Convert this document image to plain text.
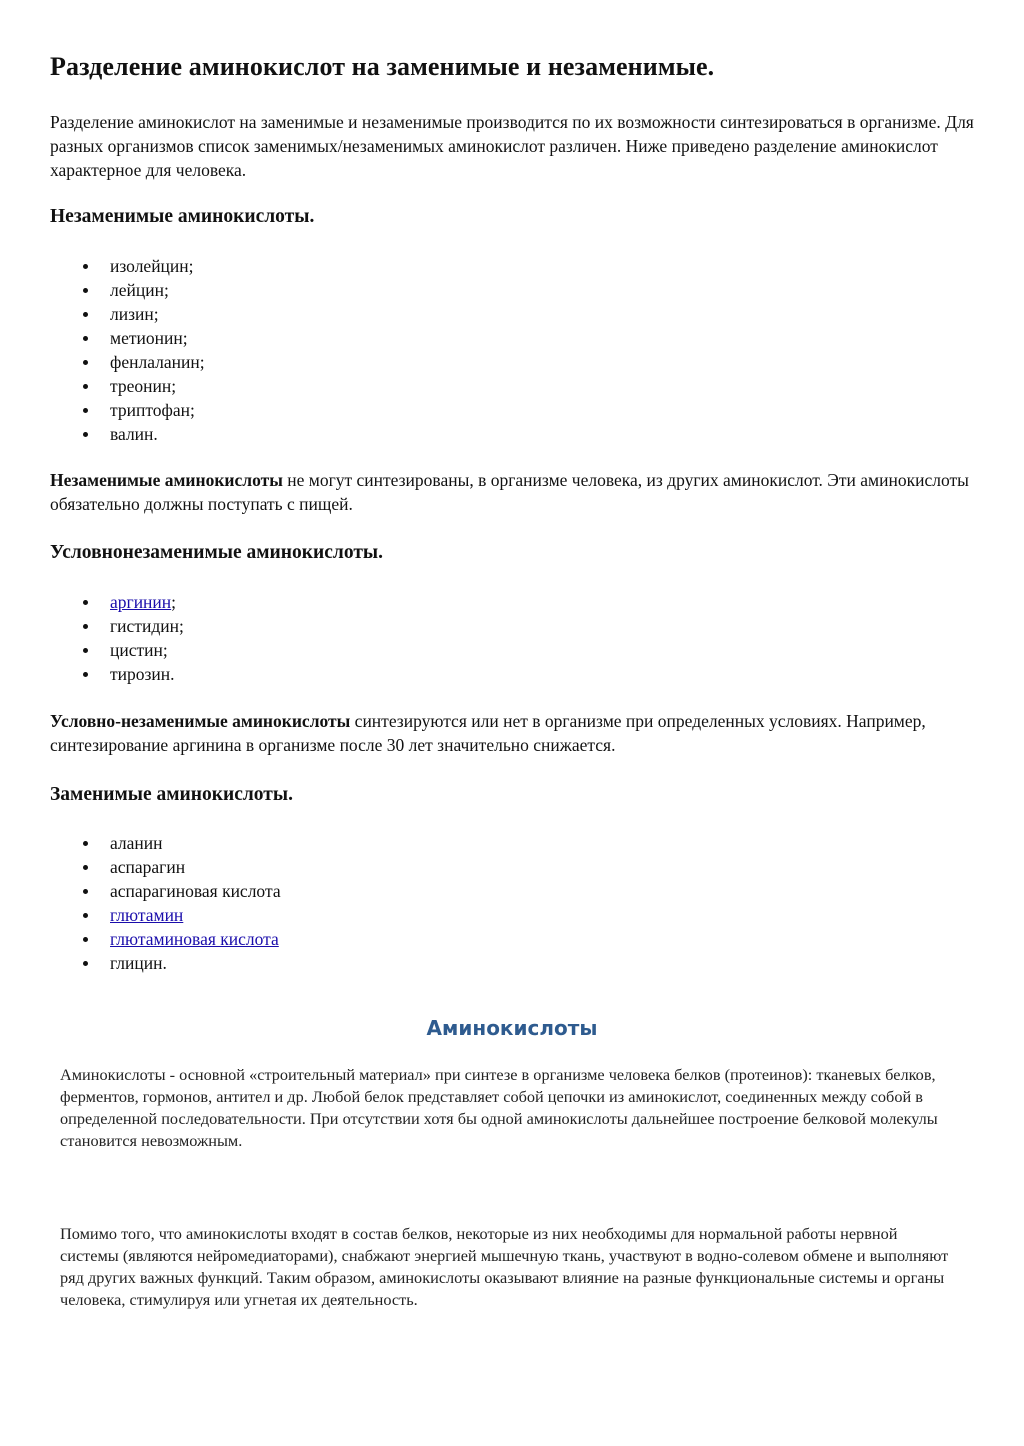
Разделение аминокислот на заменимые и незаменимые.
Разделение аминокислот на заменимые и незаменимые производится по их возможности синтезироваться в организме. Для разных организмов список заменимых/незаменимых аминокислот различен. Ниже приведено разделение аминокислот характерное для человека.
Незаменимые аминокислоты.
изолейцин;
лейцин;
лизин;
метионин;
фенлаланин;
треонин;
триптофан;
валин.
Незаменимые аминокислоты не могут синтезированы, в организме человека, из других аминокислот. Эти аминокислоты обязательно должны поступать с пищей.
Условнонезаменимые аминокислоты.
аргинин;
гистидин;
цистин;
тирозин.
Условно-незаменимые аминокислоты синтезируются или нет в организме при определенных условиях. Например, синтезирование аргинина в организме после 30 лет значительно снижается.
Заменимые аминокислоты.
аланин
аспарагин
аспарагиновая кислота
глютамин
глютаминовая кислота
глицин.
Аминокислоты
Аминокислоты - основной «строительный материал» при синтезе в организме человека белков (протеинов): тканевых белков, ферментов, гормонов, антител и др. Любой белок представляет собой цепочки из аминокислот, соединенных между собой в определенной последовательности. При отсутствии хотя бы одной аминокислоты дальнейшее построение белковой молекулы становится невозможным.
Помимо того, что аминокислоты входят в состав белков, некоторые из них необходимы для нормальной работы нервной системы (являются нейромедиаторами), снабжают энергией мышечную ткань, участвуют в водно-солевом обмене и выполняют ряд других важных функций. Таким образом, аминокислоты оказывают влияние на разные функциональные системы и органы человека, стимулируя или угнетая их деятельность.
